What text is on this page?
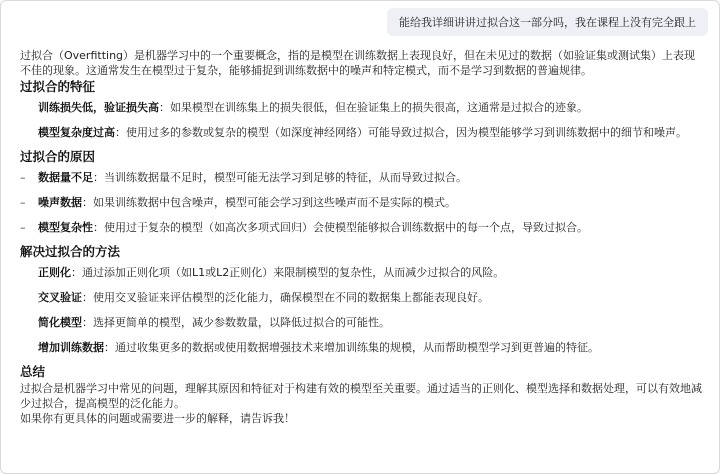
能给我详细讲讲过拟合这一部分吗，我在课程上没有完全跟上

过拟合（Overfitting）是机器学习中的一个重要概念，指的是模型在训练数据上表现良好，但在未见过的数据（如验证集或测试集）上表现不佳的现象。这通常发生在模型过于复杂，能够捕捉到训练数据中的噪声和特定模式，而不是学习到数据的普遍规律。

过拟合的特征

训练损失低，验证损失高：如果模型在训练集上的损失很低，但在验证集上的损失很高，这通常是过拟合的迹象。

模型复杂度过高：使用过多的参数或复杂的模型（如深度神经网络）可能导致过拟合，因为模型能够学习到训练数据中的细节和噪声。

过拟合的原因

– 数据量不足：当训练数据量不足时，模型可能无法学习到足够的特征，从而导致过拟合。

– 噪声数据：如果训练数据中包含噪声，模型可能会学习到这些噪声而不是实际的模式。

– 模型复杂性：使用过于复杂的模型（如高次多项式回归）会使模型能够拟合训练数据中的每一个点，导致过拟合。

解决过拟合的方法

正则化：通过添加正则化项（如L1或L2正则化）来限制模型的复杂性，从而减少过拟合的风险。

交叉验证：使用交叉验证来评估模型的泛化能力，确保模型在不同的数据集上都能表现良好。

简化模型：选择更简单的模型，减少参数数量，以降低过拟合的可能性。

增加训练数据：通过收集更多的数据或使用数据增强技术来增加训练集的规模，从而帮助模型学习到更普遍的特征。

总结

过拟合是机器学习中常见的问题，理解其原因和特征对于构建有效的模型至关重要。通过适当的正则化、模型选择和数据处理，可以有效地减少过拟合，提高模型的泛化能力。

如果你有更具体的问题或需要进一步的解释，请告诉我！
